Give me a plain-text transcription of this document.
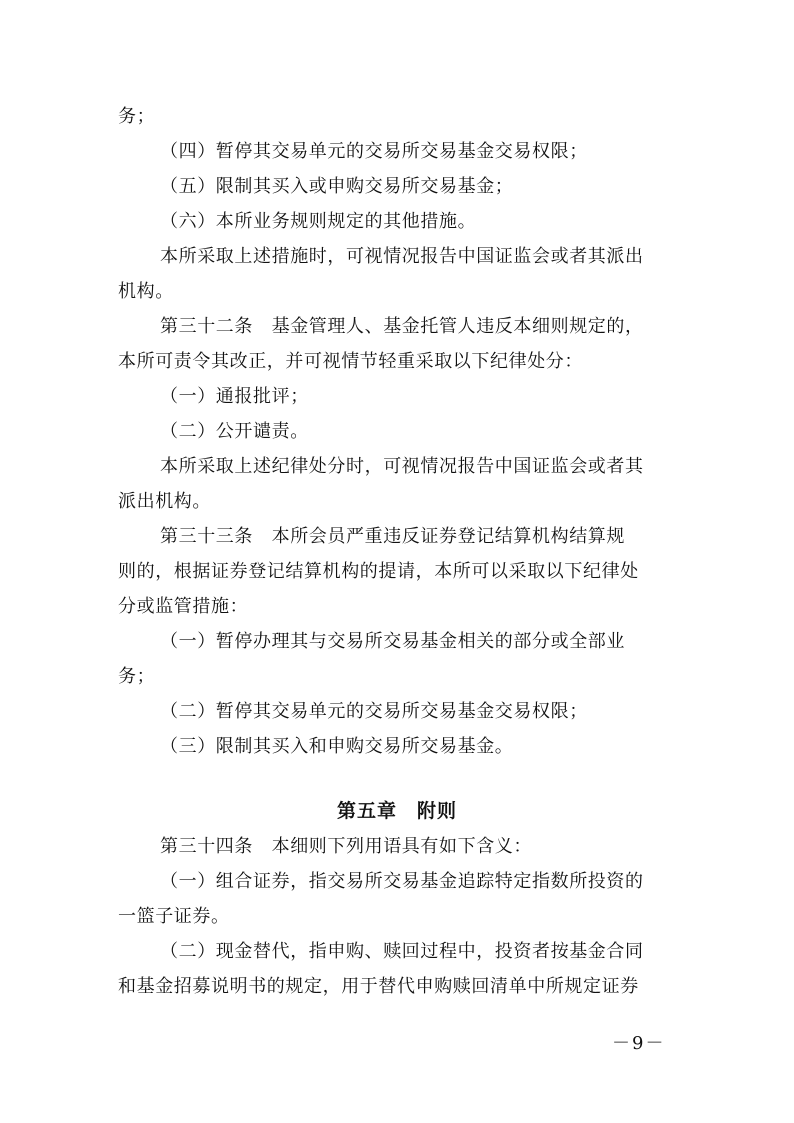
务；
（四）暂停其交易单元的交易所交易基金交易权限；
（五）限制其买入或申购交易所交易基金；
（六）本所业务规则规定的其他措施。
本所采取上述措施时，可视情况报告中国证监会或者其派出
机构。
第三十二条　基金管理人、基金托管人违反本细则规定的，
本所可责令其改正，并可视情节轻重采取以下纪律处分：
（一）通报批评；
（二）公开谴责。
本所采取上述纪律处分时，可视情况报告中国证监会或者其
派出机构。
第三十三条　本所会员严重违反证券登记结算机构结算规
则的，根据证券登记结算机构的提请，本所可以采取以下纪律处
分或监管措施：
（一）暂停办理其与交易所交易基金相关的部分或全部业
务；
（二）暂停其交易单元的交易所交易基金交易权限；
（三）限制其买入和申购交易所交易基金。
第五章　附则
第三十四条　本细则下列用语具有如下含义：
（一）组合证券，指交易所交易基金追踪特定指数所投资的
一篮子证券。
（二）现金替代，指申购、赎回过程中，投资者按基金合同
和基金招募说明书的规定，用于替代申购赎回清单中所规定证券
－9－
